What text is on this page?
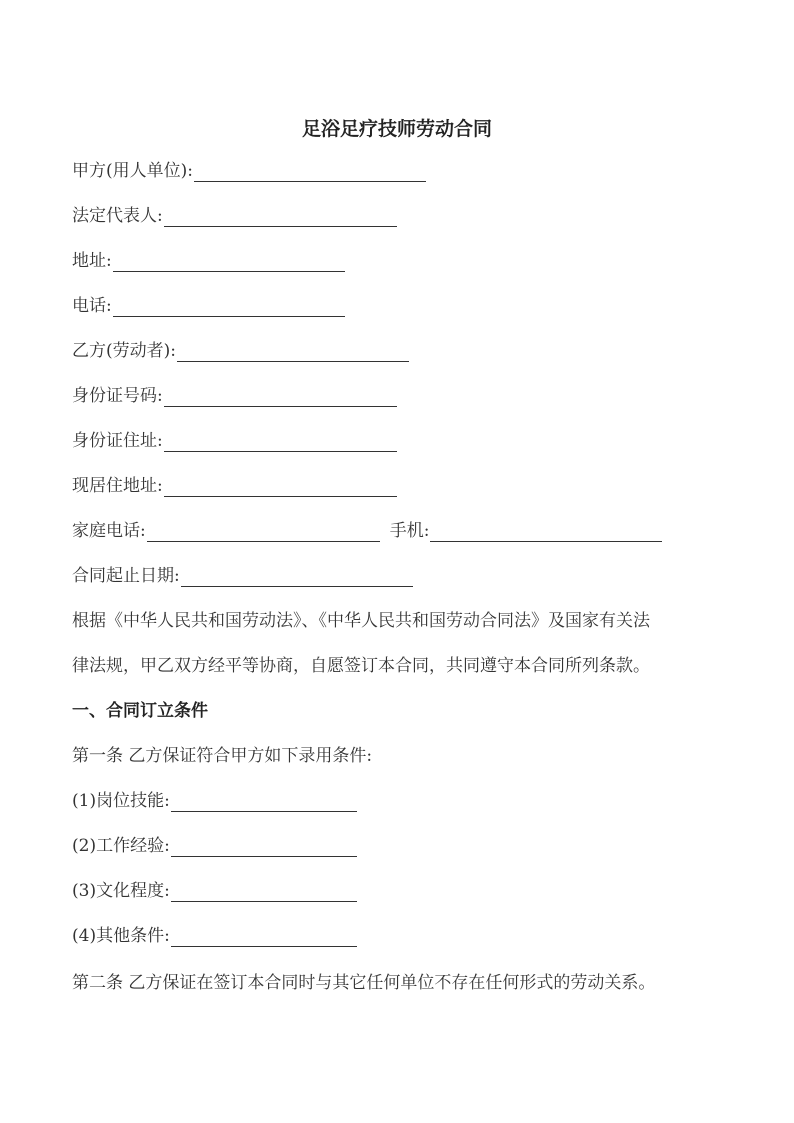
足浴足疗技师劳动合同
甲方(用人单位):
法定代表人:
地址:
电话:
乙方(劳动者):
身份证号码:
身份证住址:
现居住地址:
家庭电话:	手机:
合同起止日期:
根据《中华人民共和国劳动法》、《中华人民共和国劳动合同法》及国家有关法
律法规，甲乙双方经平等协商，自愿签订本合同，共同遵守本合同所列条款。
一、合同订立条件
第一条 乙方保证符合甲方如下录用条件:
(1)岗位技能:
(2)工作经验:
(3)文化程度:
(4)其他条件:
第二条 乙方保证在签订本合同时与其它任何单位不存在任何形式的劳动关系。
